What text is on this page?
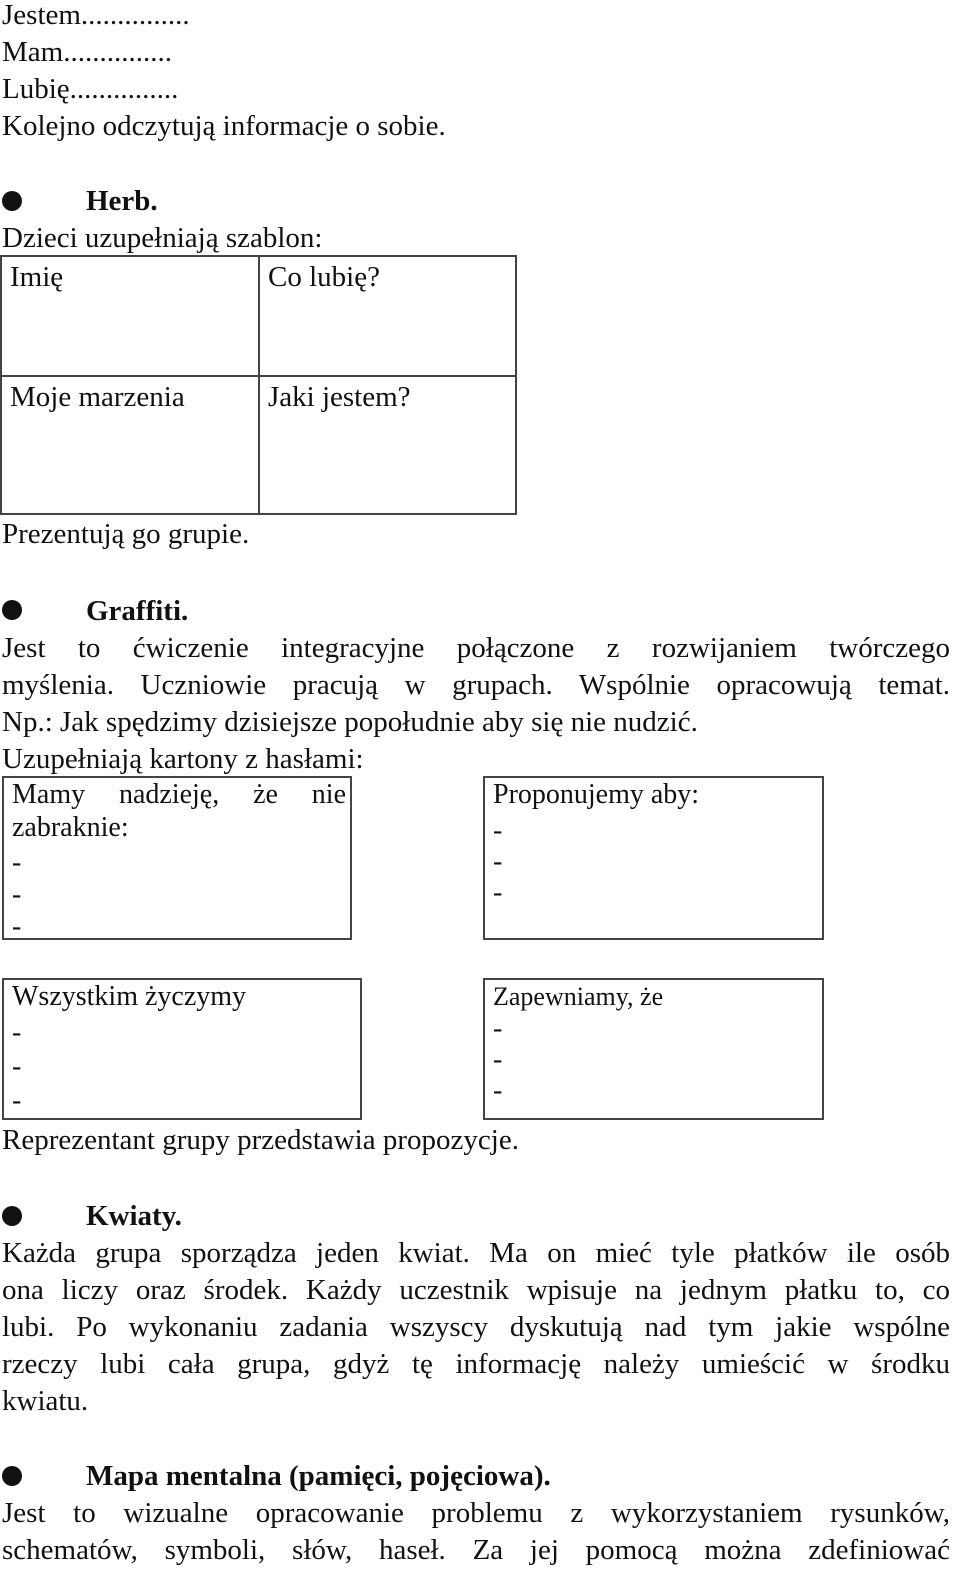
Jestem...............
Mam...............
Lubię...............
Kolejno odczytują informacje o sobie.
Herb.
Dzieci uzupełniają szablon:
Imię	Co lubię?
Moje marzenia	Jaki jestem?
Prezentują go grupie.
Graffiti.
Jest to ćwiczenie integracyjne połączone z rozwijaniem twórczego
myślenia. Uczniowie pracują w grupach. Wspólnie opracowują temat.
Np.: Jak spędzimy dzisiejsze popołudnie aby się nie nudzić.
Uzupełniają kartony z hasłami:
Mamy nadzieję, że nie
zabraknie:
-
-
-
Proponujemy aby:
-
-
-
Wszystkim życzymy
-
-
-
Zapewniamy, że
-
-
-
Reprezentant grupy przedstawia propozycje.
Kwiaty.
Każda grupa sporządza jeden kwiat. Ma on mieć tyle płatków ile osób
ona liczy oraz środek. Każdy uczestnik wpisuje na jednym płatku to, co
lubi. Po wykonaniu zadania wszyscy dyskutują nad tym jakie wspólne
rzeczy lubi cała grupa, gdyż tę informację należy umieścić w środku
kwiatu.
Mapa mentalna (pamięci, pojęciowa).
Jest to wizualne opracowanie problemu z wykorzystaniem rysunków,
schematów, symboli, słów, haseł. Za jej pomocą można zdefiniować
